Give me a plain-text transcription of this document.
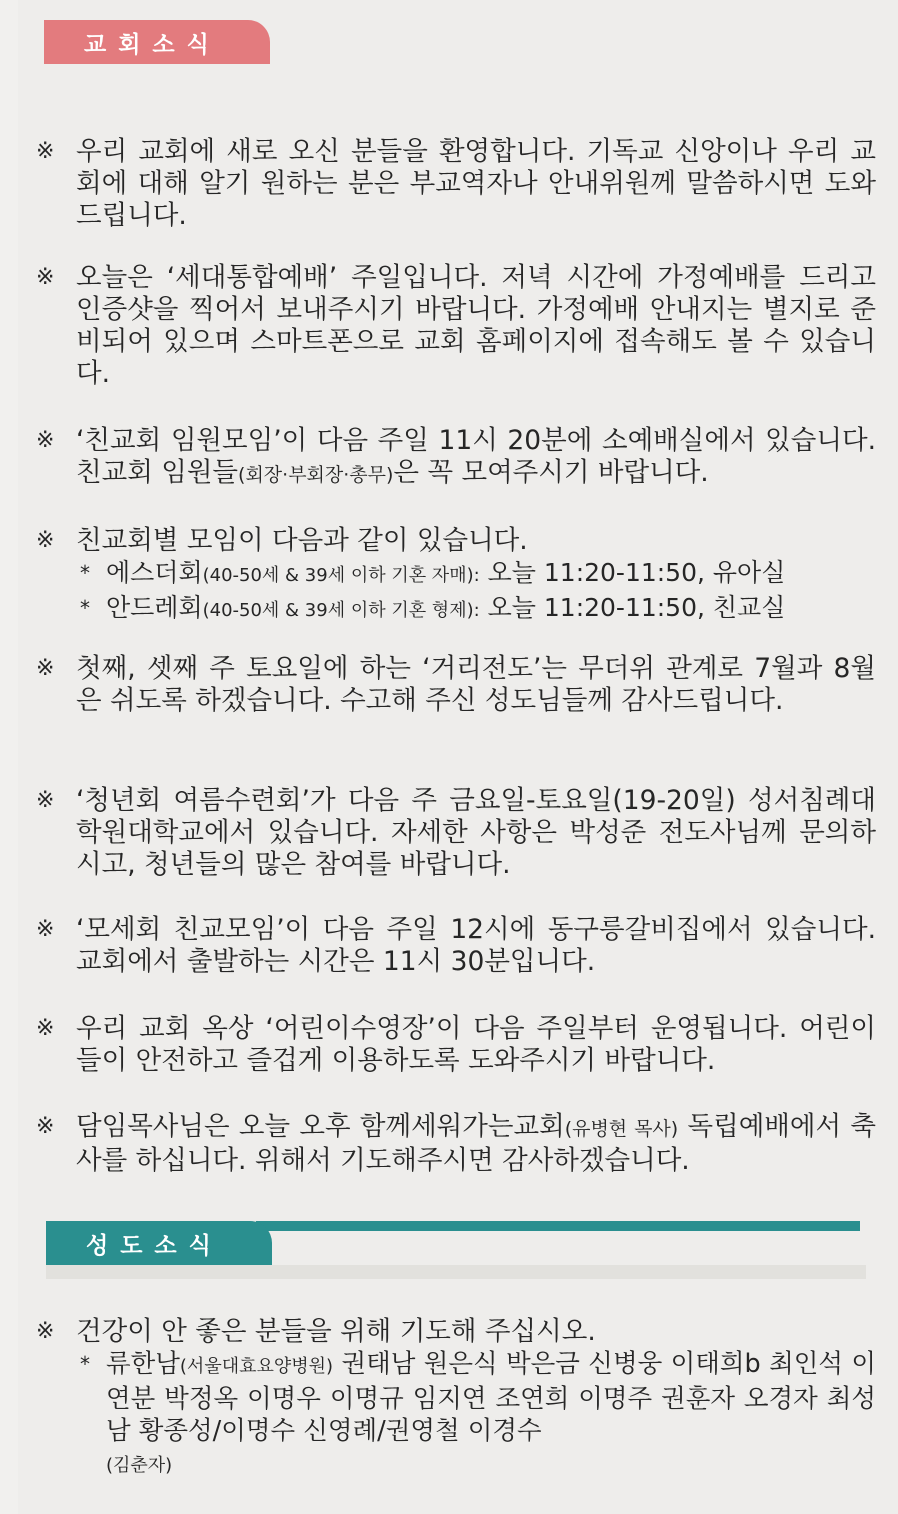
교회소식
※ 우리 교회에 새로 오신 분들을 환영합니다. 기독교 신앙이나 우리 교회에 대해 알기 원하는 분은 부교역자나 안내위원께 말씀하시면 도와드립니다.
※ 오늘은 ‘세대통합예배’ 주일입니다. 저녁 시간에 가정예배를 드리고 인증샷을 찍어서 보내주시기 바랍니다. 가정예배 안내지는 별지로 준비되어 있으며 스마트폰으로 교회 홈페이지에 접속해도 볼 수 있습니다.
※ ‘친교회 임원모임’이 다음 주일 11시 20분에 소예배실에서 있습니다. 친교회 임원들(회장·부회장·총무)은 꼭 모여주시기 바랍니다.
※ 친교회별 모임이 다음과 같이 있습니다.
* 에스더회(40-50세 & 39세 이하 기혼 자매): 오늘 11:20-11:50, 유아실
* 안드레회(40-50세 & 39세 이하 기혼 형제): 오늘 11:20-11:50, 친교실
※ 첫째, 셋째 주 토요일에 하는 ‘거리전도’는 무더위 관계로 7월과 8월은 쉬도록 하겠습니다. 수고해 주신 성도님들께 감사드립니다.
※ ‘청년회 여름수련회’가 다음 주 금요일-토요일(19-20일) 성서침례대학원대학교에서 있습니다. 자세한 사항은 박성준 전도사님께 문의하시고, 청년들의 많은 참여를 바랍니다.
※ ‘모세회 친교모임’이 다음 주일 12시에 동구릉갈비집에서 있습니다. 교회에서 출발하는 시간은 11시 30분입니다.
※ 우리 교회 옥상 ‘어린이수영장’이 다음 주일부터 운영됩니다. 어린이들이 안전하고 즐겁게 이용하도록 도와주시기 바랍니다.
※ 담임목사님은 오늘 오후 함께세워가는교회(유병현 목사) 독립예배에서 축사를 하십니다. 위해서 기도해주시면 감사하겠습니다.
성도소식
※ 건강이 안 좋은 분들을 위해 기도해 주십시오.
* 류한남(서울대효요양병원) 권태남 원은식 박은금 신병웅 이태희b 최인석 이연분 박정옥 이명우 이명규 임지연 조연희 이명주 권훈자 오경자 최성남 황종성/이명수 신영례/권영철 이경수
(김춘자)
